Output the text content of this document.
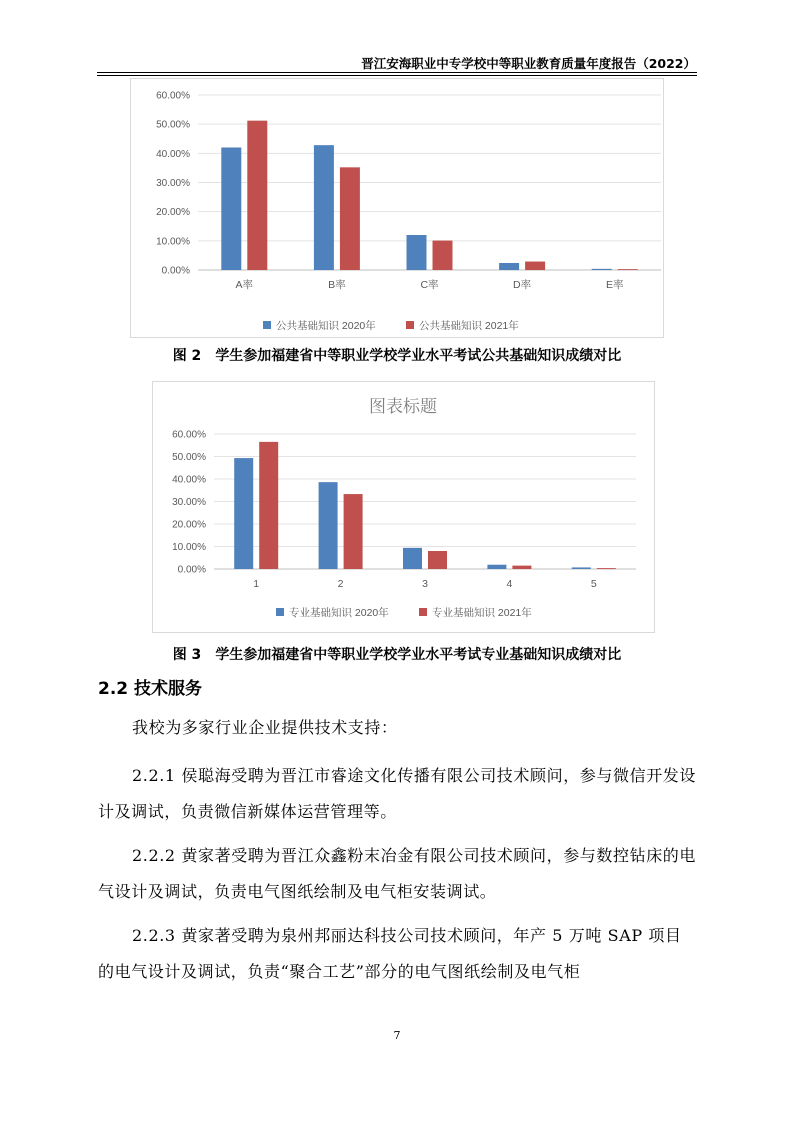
晋江安海职业中专学校中等职业教育质量年度报告（2022）
0.00%
10.00%
20.00%
30.00%
40.00%
50.00%
60.00%
A率	B率	C率	D率	E率
公共基础知识 2020年	公共基础知识 2021年
图 2 学生参加福建省中等职业学校学业水平考试公共基础知识成绩对比
图表标题
0.00%
10.00%
20.00%
30.00%
40.00%
50.00%
60.00%
1	2	3	4	5
专业基础知识 2020年	专业基础知识 2021年
图 3 学生参加福建省中等职业学校学业水平考试专业基础知识成绩对比
2.2 技术服务

我校为多家行业企业提供技术支持：

2.2.1 侯聪海受聘为晋江市睿途文化传播有限公司技术顾问，参与微信开发设计及调试，负责微信新媒体运营管理等。

2.2.2 黄家著受聘为晋江众鑫粉末冶金有限公司技术顾问，参与数控钻床的电气设计及调试，负责电气图纸绘制及电气柜安装调试。

2.2.3 黄家著受聘为泉州邦丽达科技公司技术顾问，年产 5 万吨 SAP 项目的电气设计及调试，负责“聚合工艺”部分的电气图纸绘制及电气柜

7
